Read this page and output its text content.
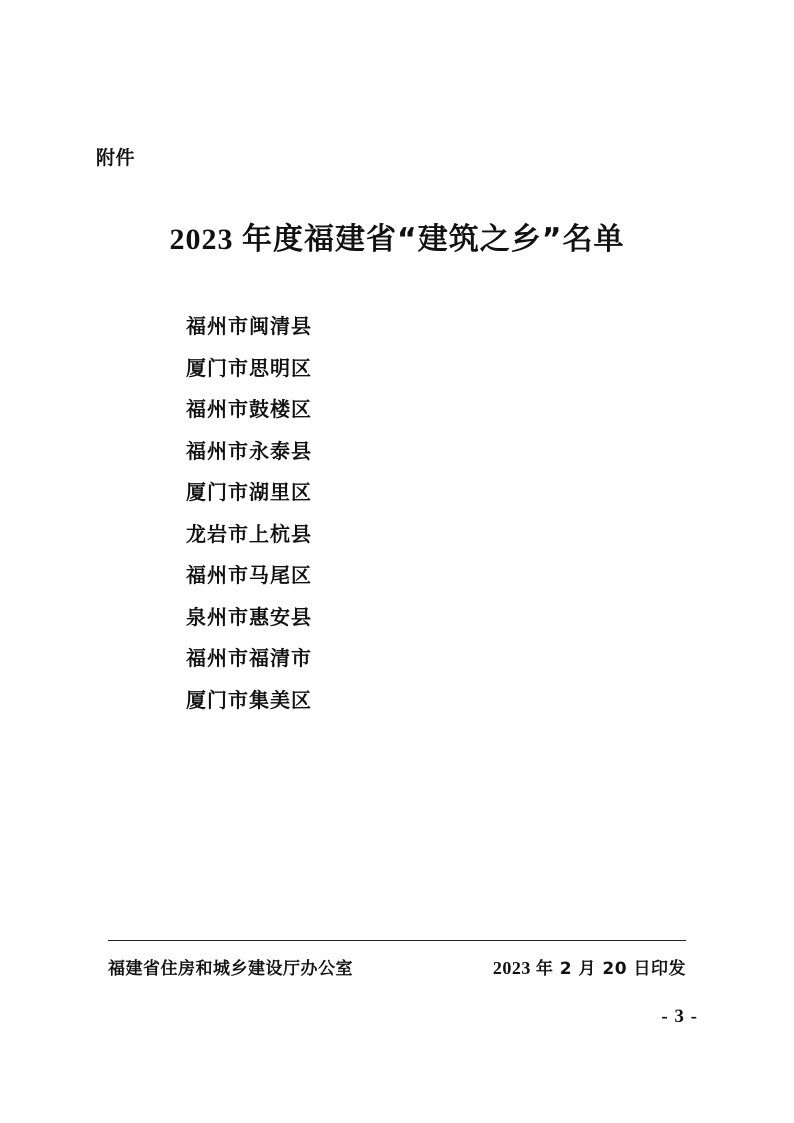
附件
2023 年度福建省“建筑之乡”名单
福州市闽清县
厦门市思明区
福州市鼓楼区
福州市永泰县
厦门市湖里区
龙岩市上杭县
福州市马尾区
泉州市惠安县
福州市福清市
厦门市集美区
福建省住房和城乡建设厅办公室	2023 年 2 月 20 日印发
- 3 -
